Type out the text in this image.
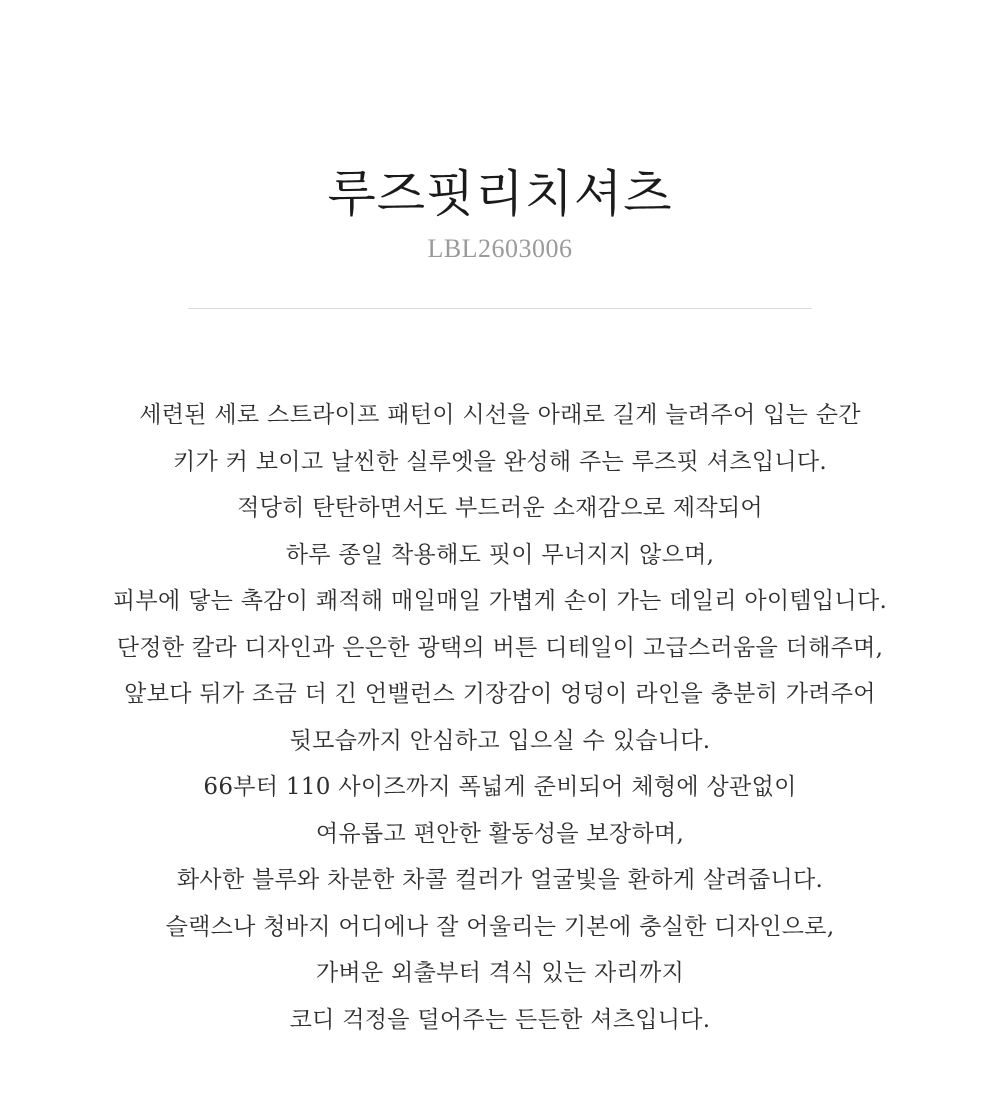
루즈핏리치셔츠
LBL2603006
세련된 세로 스트라이프 패턴이 시선을 아래로 길게 늘려주어 입는 순간
키가 커 보이고 날씬한 실루엣을 완성해 주는 루즈핏 셔츠입니다.
적당히 탄탄하면서도 부드러운 소재감으로 제작되어
하루 종일 착용해도 핏이 무너지지 않으며,
피부에 닿는 촉감이 쾌적해 매일매일 가볍게 손이 가는 데일리 아이템입니다.
단정한 칼라 디자인과 은은한 광택의 버튼 디테일이 고급스러움을 더해주며,
앞보다 뒤가 조금 더 긴 언밸런스 기장감이 엉덩이 라인을 충분히 가려주어
뒷모습까지 안심하고 입으실 수 있습니다.
66부터 110 사이즈까지 폭넓게 준비되어 체형에 상관없이
여유롭고 편안한 활동성을 보장하며,
화사한 블루와 차분한 차콜 컬러가 얼굴빛을 환하게 살려줍니다.
슬랙스나 청바지 어디에나 잘 어울리는 기본에 충실한 디자인으로,
가벼운 외출부터 격식 있는 자리까지
코디 걱정을 덜어주는 든든한 셔츠입니다.
